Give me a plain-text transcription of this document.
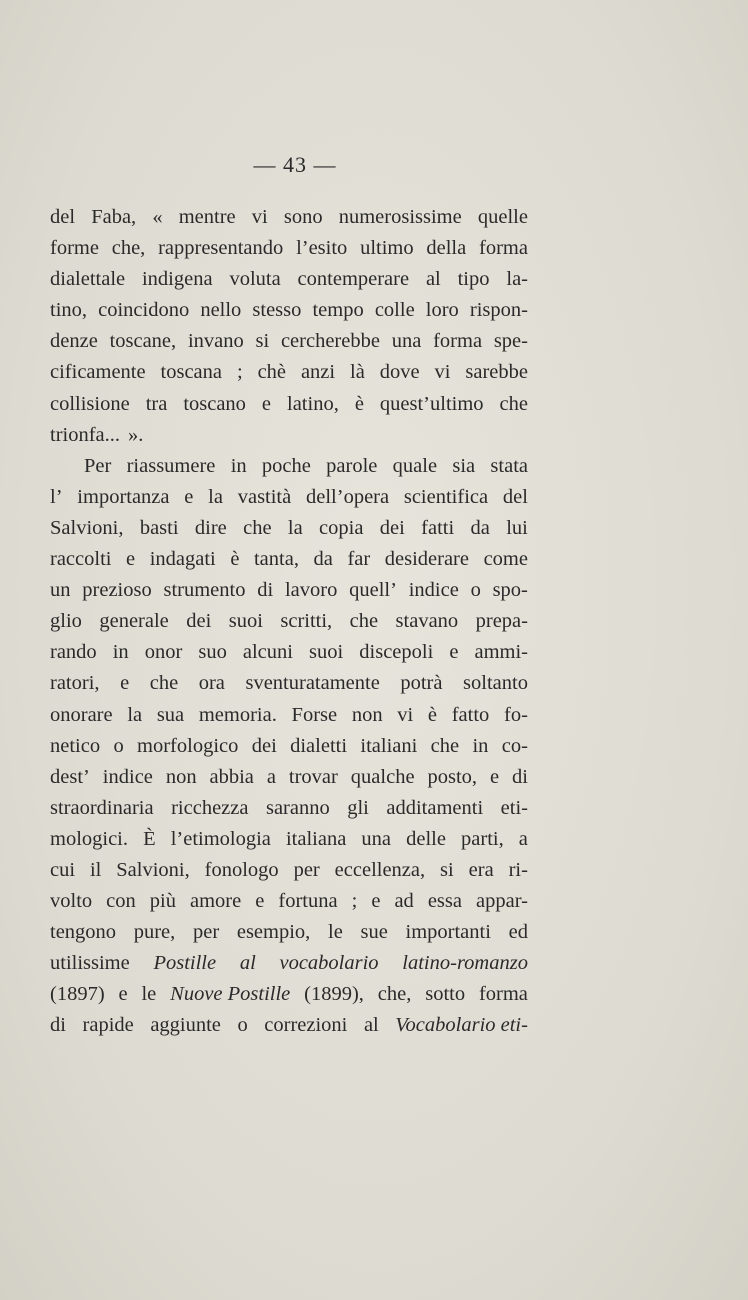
— 43 —
del Faba, « mentre vi sono numerosissime quelle
forme che, rappresentando l’esito ultimo della forma
dialettale indigena voluta contemperare al tipo la-
tino, coincidono nello stesso tempo colle loro rispon-
denze toscane, invano si cercherebbe una forma spe-
cificamente toscana ; chè anzi là dove vi sarebbe
collisione tra toscano e latino, è quest’ultimo che
trionfa... ».
Per riassumere in poche parole quale sia stata
l’ importanza e la vastità dell’opera scientifica del
Salvioni, basti dire che la copia dei fatti da lui
raccolti e indagati è tanta, da far desiderare come
un prezioso strumento di lavoro quell’ indice o spo-
glio generale dei suoi scritti, che stavano prepa-
rando in onor suo alcuni suoi discepoli e ammi-
ratori, e che ora sventuratamente potrà soltanto
onorare la sua memoria. Forse non vi è fatto fo-
netico o morfologico dei dialetti italiani che in co-
dest’ indice non abbia a trovar qualche posto, e di
straordinaria ricchezza saranno gli additamenti eti-
mologici. È l’etimologia italiana una delle parti, a
cui il Salvioni, fonologo per eccellenza, si era ri-
volto con più amore e fortuna ; e ad essa appar-
tengono pure, per esempio, le sue importanti ed
utilissime Postille al vocabolario latino-romanzo
(1897) e le Nuove Postille (1899), che, sotto forma
di rapide aggiunte o correzioni al Vocabolario eti-
